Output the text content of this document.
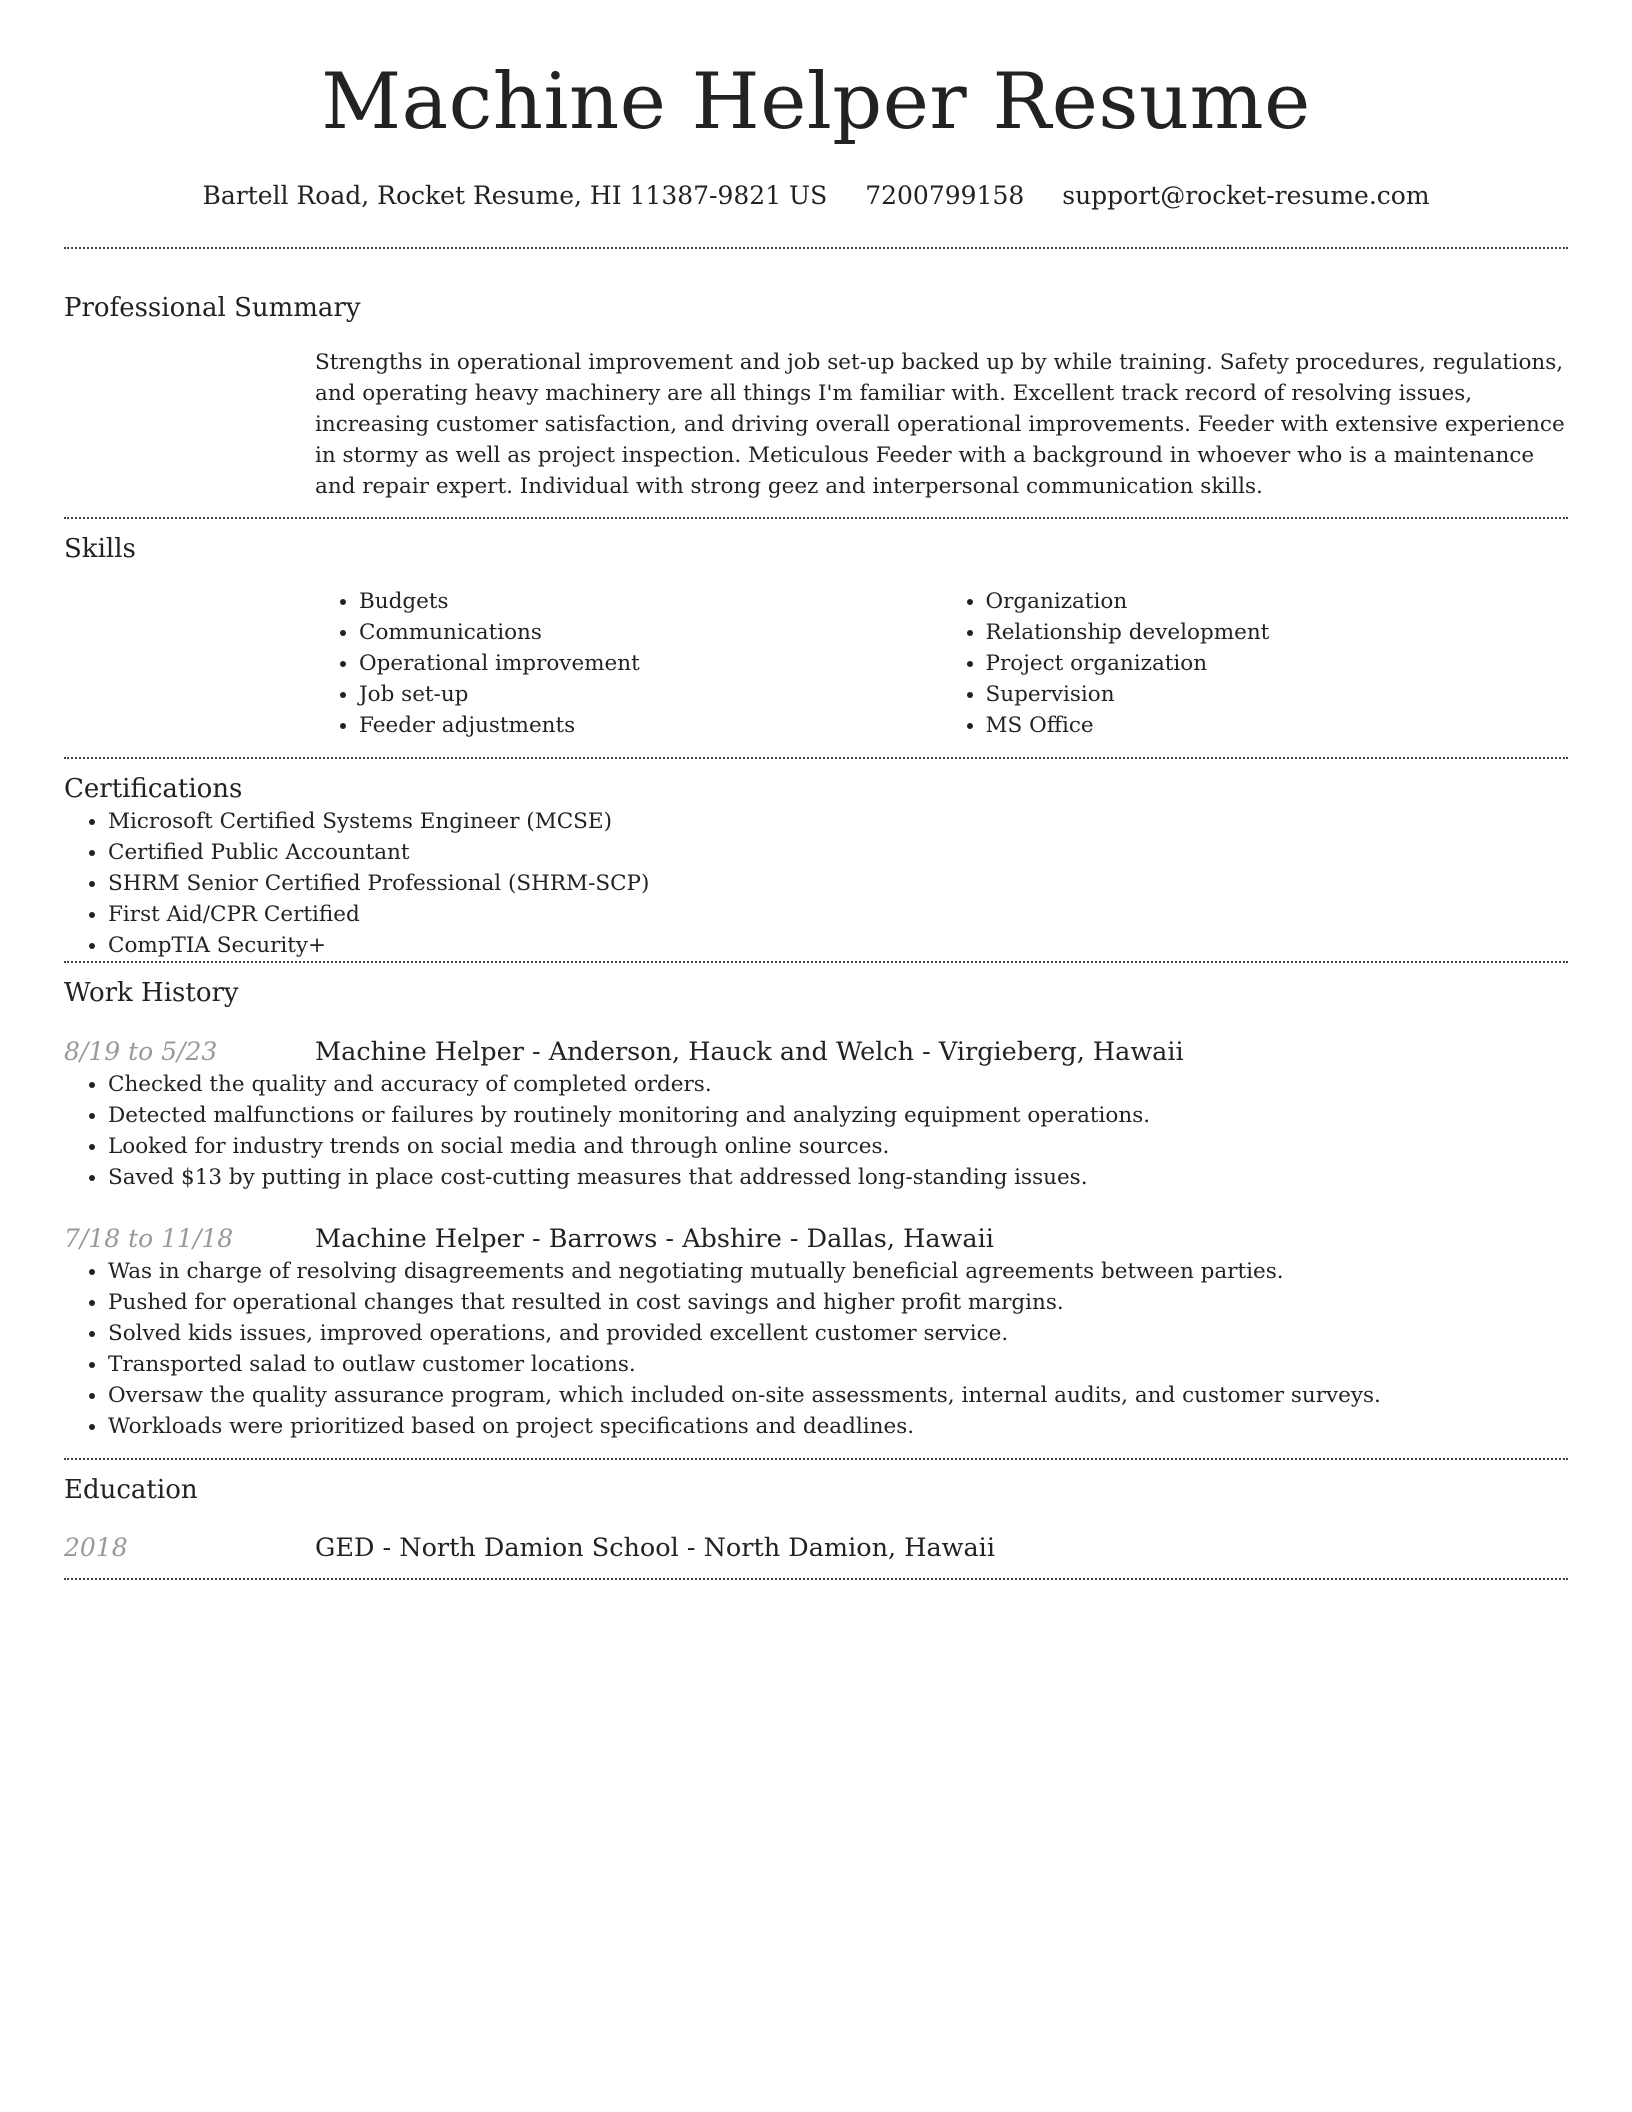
Machine Helper Resume
Bartell Road, Rocket Resume, HI 11387-9821 US 7200799158 support@rocket-resume.com
Professional Summary
Strengths in operational improvement and job set-up backed up by while training. Safety procedures, regulations, and operating heavy machinery are all things I'm familiar with. Excellent track record of resolving issues, increasing customer satisfaction, and driving overall operational improvements. Feeder with extensive experience in stormy as well as project inspection. Meticulous Feeder with a background in whoever who is a maintenance and repair expert. Individual with strong geez and interpersonal communication skills.
Skills
• Budgets
• Communications
• Operational improvement
• Job set-up
• Feeder adjustments
• Organization
• Relationship development
• Project organization
• Supervision
• MS Office
Certifications
• Microsoft Certified Systems Engineer (MCSE)
• Certified Public Accountant
• SHRM Senior Certified Professional (SHRM-SCP)
• First Aid/CPR Certified
• CompTIA Security+
Work History
8/19 to 5/23	Machine Helper - Anderson, Hauck and Welch - Virgieberg, Hawaii
• Checked the quality and accuracy of completed orders.
• Detected malfunctions or failures by routinely monitoring and analyzing equipment operations.
• Looked for industry trends on social media and through online sources.
• Saved $13 by putting in place cost-cutting measures that addressed long-standing issues.
7/18 to 11/18	Machine Helper - Barrows - Abshire - Dallas, Hawaii
• Was in charge of resolving disagreements and negotiating mutually beneficial agreements between parties.
• Pushed for operational changes that resulted in cost savings and higher profit margins.
• Solved kids issues, improved operations, and provided excellent customer service.
• Transported salad to outlaw customer locations.
• Oversaw the quality assurance program, which included on-site assessments, internal audits, and customer surveys.
• Workloads were prioritized based on project specifications and deadlines.
Education
2018	GED - North Damion School - North Damion, Hawaii
